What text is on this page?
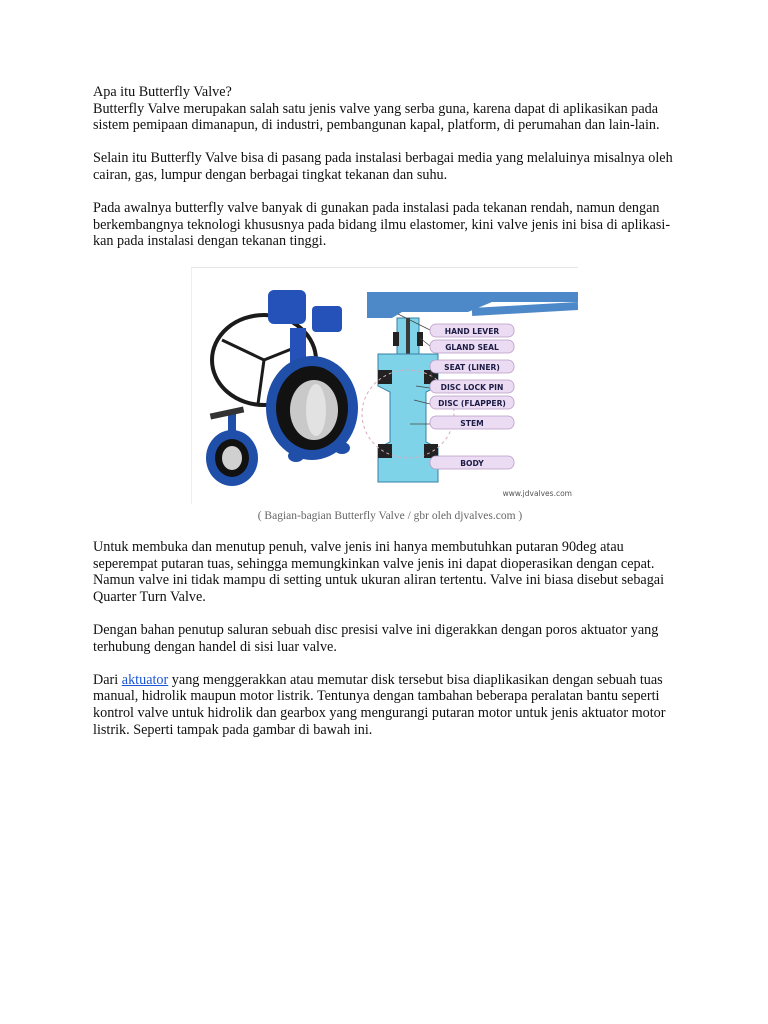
Apa itu Butterfly Valve?
Butterfly Valve merupakan salah satu jenis valve yang serba guna, karena dapat di aplikasikan pada sistem pemipaan dimanapun, di industri, pembangunan kapal, platform, di perumahan dan lain-lain.

Selain itu Butterfly Valve bisa di pasang pada instalasi berbagai media yang melaluinya misalnya oleh cairan, gas, lumpur dengan berbagai tingkat tekanan dan suhu.

Pada awalnya butterfly valve banyak di gunakan pada instalasi pada tekanan rendah, namun dengan berkembangnya teknologi khususnya pada bidang ilmu elastomer, kini valve jenis ini bisa di aplikasi-kan pada instalasi dengan tekanan tinggi.

HAND LEVER
GLAND SEAL
SEAT (LINER)
DISC LOCK PIN
DISC (FLAPPER)
STEM
BODY
www.jdvalves.com
( Bagian-bagian Butterfly Valve / gbr oleh djvalves.com )

Untuk membuka dan menutup penuh, valve jenis ini hanya membutuhkan putaran 90deg atau seperempat putaran tuas, sehingga memungkinkan valve jenis ini dapat dioperasikan dengan cepat. Namun valve ini tidak mampu di setting untuk ukuran aliran tertentu. Valve ini biasa disebut sebagai Quarter Turn Valve.

Dengan bahan penutup saluran sebuah disc presisi valve ini digerakkan dengan poros aktuator yang terhubung dengan handel di sisi luar valve.

Dari aktuator yang menggerakkan atau memutar disk tersebut bisa diaplikasikan dengan sebuah tuas manual, hidrolik maupun motor listrik. Tentunya dengan tambahan beberapa peralatan bantu seperti kontrol valve untuk hidrolik dan gearbox yang mengurangi putaran motor untuk jenis aktuator motor listrik. Seperti tampak pada gambar di bawah ini.
